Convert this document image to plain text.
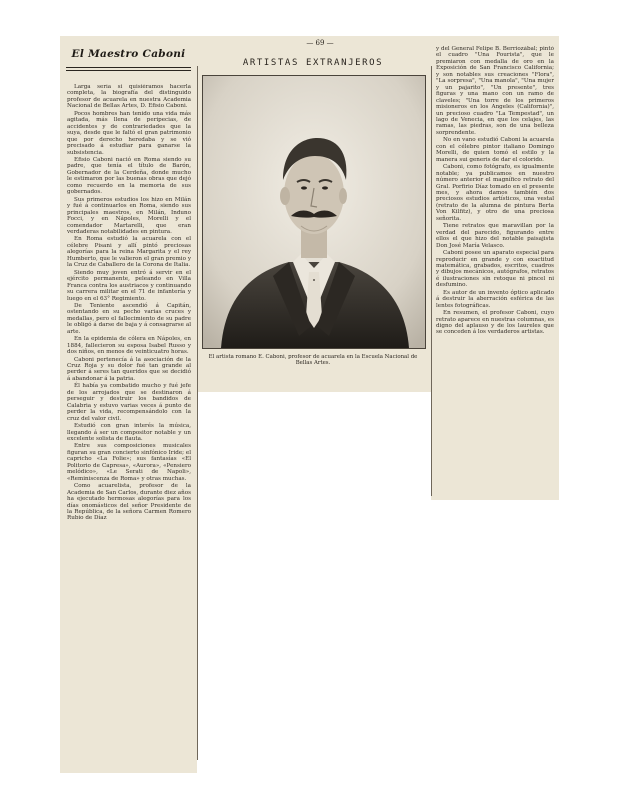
El Maestro Caboni
— 69 —
ARTISTAS EXTRANJEROS

Larga sería si quisiéramos hacerla completa, la biografía del distinguido profesor de acuarela en nuestra Academia Nacional de Bellas Artes, D. Efisio Caboni.

Pocos hombres han tenido una vida más agitada, más llena de peripecias, de accidentes y de contrariedades que la suya, desde que le faltó el gran patrimonio que por derecho heredaba y se vió precisado á estudiar para ganarse la subsistencia.

Efisio Caboni nació en Roma siendo su padre, que tenía el título de Barón, Gobernador de la Cerdeña, donde mucho le estimaron por las buenas obras que dejó como recuerdo en la memoria de sus gobernados.

Sus primeros estudios los hizo en Milán y fué á continuarlos en Roma, siendo sus principales maestros, en Milán, Induno Focci, y en Nápoles, Morelli y el comendador Martarelli, que eran verdaderas notabilidades en pintura.

En Roma estudió la acuarela con el célebre Pisani y allí pintó preciosas alegorías para la reina Margarita y el rey Humberto, que le valieron el gran premio y la Cruz de Caballero de la Corona de Italia.

Siendo muy joven entró á servir en el ejército permanente, peleando en Villa Franca contra los austriacos y continuando su carrera militar en el 71 de infantería y luego en el 63° Regimiento.

De Teniente ascendió á Capitán, ostentando en su pecho varias cruces y medallas, pero el fallecimiento de su padre le obligó á darse de baja y á consagrarse al arte.

En la epidemia de cólera en Nápoles, en 1884, fallecieron su esposa Isabel Russo y dos niños, en menos de veinticuatro horas.

Caboni pertenecía á la asociación de la Cruz Roja y su dolor fué tan grande al perder á seres tan queridos que se decidió á abandonar á la patria.

Él había ya combatido mucho y fué jefe de los arrojados que se destinaron á perseguir y destruir los bandidos de Calabria y estuvo varias veces á punto de perder la vida, recompensándolo con la cruz del valor civil.

Estudió con gran interés la música, llegando á ser un compositor notable y un excelente solista de flauta.

Entre sus composiciones musicales figuran su gran concierto sinfónico Iride; el capricho «La Folie»; sus fantasías «El Politorio de Capresa», «Aurora», «Pensiero melódico», «Le Serati de Napoli», «Reminiscenza de Roma» y otras muchas.

Como acuarelista, profesor de la Academia de San Carlos, durante diez años ha ejecutado hermosas alegorías para los días onomásticos del señor Presidente de la República, de la señora Carmen Romero Rubio de Díaz

El artista romano E. Caboni, profesor de acuarela en la Escuela Nacional de Bellas Artes.

y del General Felipe B. Berriozábal; pintó el cuadro "Una Fourista", que le premiaron con medalla de oro en la Exposición de San Francisco California; y son notables sus creaciones "Flora", "La sorpresa", "Una manola", "Una mujer y un pajarito", "Un presente", tres figuras y una mano con un ramo de claveles; "Una torre de los primeros misioneros en los Angeles (California)", un precioso cuadro "La Tempestad", un lago de Venecia, en que los celajes, las ramas, las piedras, son de una belleza sorprendente.

No en vano estudió Caboni la acuarela con el célebre pintor italiano Domingo Morelli, de quien tomó el estilo y la manera sui generis de dar el colorido.

Caboni, como fotógrafo, es igualmente notable; ya publicamos en nuestro número anterior el magnífico retrato del Gral. Porfirio Díaz tomado en el presente mes, y ahora damos también dos preciosos estudios artísticos, una vestal (retrato de la alumna de pintura Berta Von Kilfitz), y otro de una preciosa señorita.

Tiene retratos que maravillan por la verdad del parecido, figurando entre ellos el que hizo del notable paisajista Don José María Velasco.

Caboni posee un aparato especial para reproducir en grande y con exactitud matemática, grabados, escritos, cuadros y dibujos mecánicos, autógrafos, retratos é ilustraciones sin retoque ni pincel ni desfumino.

Es autor de un invento óptico aplicado á destruir la aberración esférica de las lentes fotográficas.

En resumen, el profesor Caboni, cuyo retrato aparece en nuestras columnas, es digno del aplauso y de los laureles que se conceden á los verdaderos artistas.
